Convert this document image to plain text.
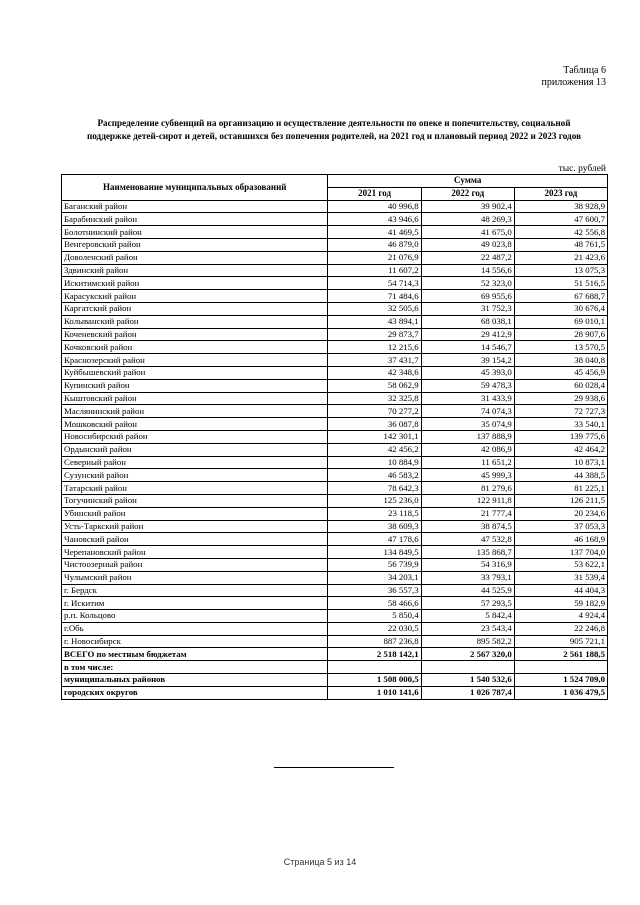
Таблица 6
приложения 13
Распределение субвенций на организацию и осуществление деятельности по опеке и попечительству, социальной
поддержке детей-сирот и детей, оставшихся без попечения родителей, на 2021 год и плановый период 2022 и 2023 годов
тыс. рублей
Наименование муниципальных образований	Сумма		
	2021 год	2022 год	2023 год
Баганский район	40 996,8	39 902,4	38 928,9
Барабинский район	43 946,6	48 269,3	47 600,7
Болотнинский район	41 469,5	41 675,0	42 556,8
Венгеровский район	46 879,0	49 023,8	48 761,5
Доволенский район	21 076,9	22 487,2	21 423,6
Здвинский район	11 607,2	14 556,6	13 075,3
Искитимский район	54 714,3	52 323,0	51 516,5
Карасукский район	71 484,6	69 955,6	67 688,7
Каргатский район	32 505,6	31 752,3	30 676,4
Колыванский район	43 894,1	68 038,1	69 010,1
Коченевский район	29 873,7	29 412,9	28 907,6
Кочковский район	12 215,6	14 546,7	13 570,5
Краснозерский район	37 431,7	39 154,2	38 040,8
Куйбышевский район	42 348,6	45 393,0	45 456,9
Купинский район	58 062,9	59 478,3	60 028,4
Кыштовский район	32 325,8	31 433,9	29 938,6
Маслянинский район	70 277,2	74 074,3	72 727,3
Мошковский район	36 087,8	35 074,9	33 540,1
Новосибирский район	142 301,1	137 888,9	139 775,6
Ордынский район	42 456,2	42 086,9	42 464,2
Северный район	10 884,9	11 651,2	10 873,1
Сузунский район	46 583,2	45 999,3	44 388,5
Татарский район	78 642,3	81 279,6	81 225,1
Тогучинский район	125 236,0	122 911,8	126 211,5
Убинский район	23 118,5	21 777,4	20 234,6
Усть-Таркский район	38 609,3	38 874,5	37 053,3
Чановский район	47 178,6	47 532,8	46 168,9
Черепановский район	134 849,5	135 868,7	137 704,0
Чистоозерный район	56 739,9	54 316,9	53 622,1
Чулымский район	34 203,1	33 793,1	31 539,4
г. Бердск	36 557,3	44 525,9	44 404,3
г. Искитим	58 466,6	57 293,5	59 182,9
р.п. Кольцово	5 850,4	5 842,4	4 924,4
г.Обь	22 030,5	23 543,4	22 246,8
г. Новосибирск	887 236,8	895 582,2	905 721,1
ВСЕГО по местным бюджетам	2 518 142,1	2 567 320,0	2 561 188,5
в том числе:			
муниципальных районов	1 508 000,5	1 540 532,6	1 524 709,0
городских округов	1 010 141,6	1 026 787,4	1 036 479,5
Страница 5 из 14
